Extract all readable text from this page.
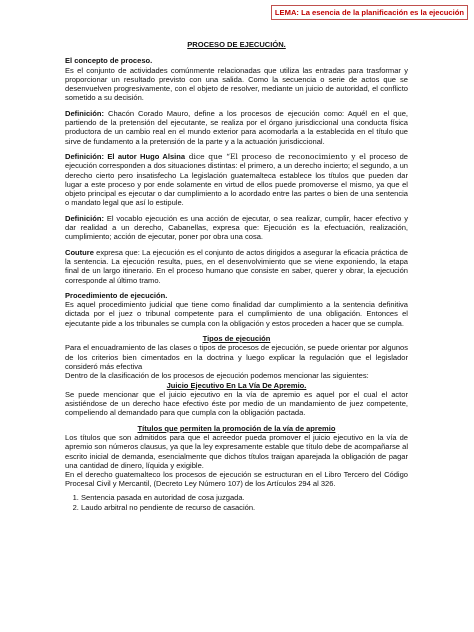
LEMA: La esencia de la planificación es la ejecución
PROCESO DE EJECUCIÓN.
El concepto de proceso.

Es el conjunto de actividades comúnmente relacionadas que utiliza las entradas para trasformar y proporcionar un resultado previsto con una salida. Como la secuencia o serie de actos que se desenvuelven progresivamente, con el objeto de resolver, mediante un juicio de autoridad, el conflicto sometido a su decisión.

Definición: Chacón Corado Mauro, define a los procesos de ejecución como: Aquél en el que, partiendo de la pretensión del ejecutante, se realiza por el órgano jurisdiccional una conducta física productora de un cambio real en el mundo exterior para acomodarla a la establecida en el título que sirve de fundamento a la pretensión de la parte y a la actuación jurisdiccional.

Definición: El autor Hugo Alsina dice que “El proceso de reconocimiento y el proceso de ejecución corresponden a dos situaciones distintas: el primero, a un derecho incierto; el segundo, a un derecho cierto pero insatisfecho La legislación guatemalteca establece los títulos que pueden dar lugar a este proceso y por ende solamente en virtud de ellos puede promoverse el mismo, ya que el objeto principal es ejecutar o dar cumplimiento a lo acordado entre las partes o bien de una sentencia o mandato legal que así lo estipule.

Definición: El vocablo ejecución es una acción de ejecutar, o sea realizar, cumplir, hacer efectivo y dar realidad a un derecho, Cabanellas, expresa que: Ejecución es la efectuación, realización, cumplimiento; acción de ejecutar, poner por obra una cosa.

Couture expresa que: La ejecución es el conjunto de actos dirigidos a asegurar la eficacia práctica de la sentencia. La ejecución resulta, pues, en el desenvolvimiento que se viene exponiendo, la etapa final de un largo itinerario. En el proceso humano que consiste en saber, querer y obrar, la ejecución corresponde al último tramo.

Procedimiento de ejecución.

Es aquel procedimiento judicial que tiene como finalidad dar cumplimiento a la sentencia definitiva dictada por el juez o tribunal competente para el cumplimiento de una obligación. Entonces el ejecutante pide a los tribunales se cumpla con la obligación y estos proceden a hacer que se cumpla.

Tipos de ejecución

Para el encuadramiento de las clases o tipos de procesos de ejecución, se puede orientar por algunos de los criterios bien cimentados en la doctrina y luego explicar la regulación que el legislador consideró más efectiva

Dentro de la clasificación de los procesos de ejecución podemos mencionar las siguientes:

Juicio Ejecutivo En La Vía De Apremio.

Se puede mencionar que el juicio ejecutivo en la vía de apremio es aquel por el cual el actor asistiéndose de un derecho hace efectivo éste por medio de un mandamiento de juez competente, compeliendo al demandado para que cumpla con la obligación pactada.

Títulos que permiten la promoción de la vía de apremio

Los títulos que son admitidos para que el acreedor pueda promover el juicio ejecutivo en la vía de apremio son números clausus, ya que la ley expresamente estable que título debe de acompañarse al escrito inicial de demanda, esencialmente que dichos títulos traigan aparejada la obligación de pagar una cantidad de dinero, líquida y exigible.

En el derecho guatemalteco los procesos de ejecución se estructuran en el Libro Tercero del Código Procesal Civil y Mercantil, (Decreto Ley Número 107) de los Artículos 294 al 326.

1. Sentencia pasada en autoridad de cosa juzgada.
2. Laudo arbitral no pendiente de recurso de casación.
